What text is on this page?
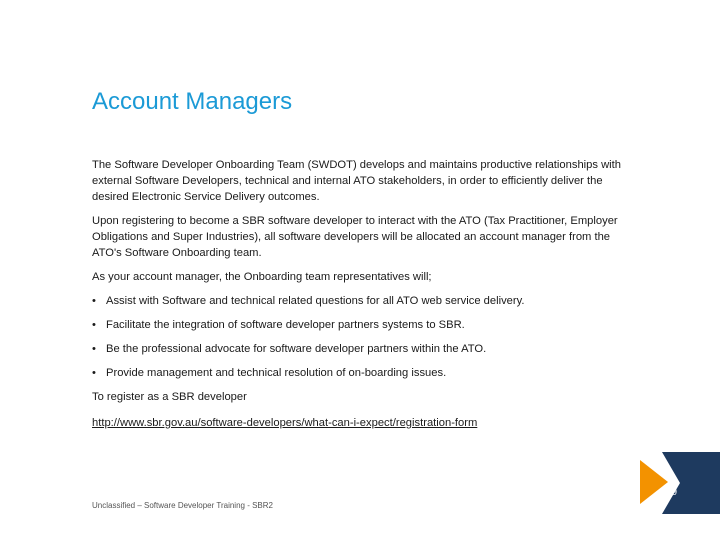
Account Managers

The Software Developer Onboarding Team (SWDOT) develops and maintains productive relationships with external Software Developers, technical and internal ATO stakeholders, in order to efficiently deliver the desired Electronic Service Delivery outcomes.

Upon registering to become a SBR software developer to interact with the ATO (Tax Practitioner, Employer Obligations and Super Industries), all software developers will be allocated an account manager from the ATO's Software Onboarding team.

As your account manager, the Onboarding team representatives will;

• Assist with Software and technical related questions for all ATO web service delivery.
• Facilitate the integration of software developer partners systems to SBR.
• Be the professional advocate for software developer partners within the ATO.
• Provide management and technical resolution of on-boarding issues.

To register as a SBR developer

http://www.sbr.gov.au/software-developers/what-can-i-expect/registration-form
Unclassified – Software Developer Training - SBR2
9
